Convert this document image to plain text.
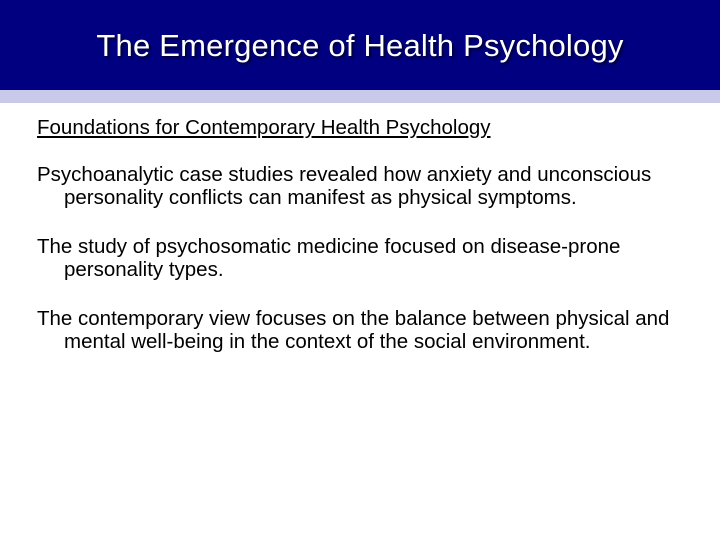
The Emergence of Health Psychology
Foundations for Contemporary Health Psychology
Psychoanalytic case studies revealed how anxiety and unconscious personality conflicts can manifest as physical symptoms.
The study of psychosomatic medicine focused on disease-prone personality types.
The contemporary view focuses on the balance between physical and mental well-being in the context of the social environment.
